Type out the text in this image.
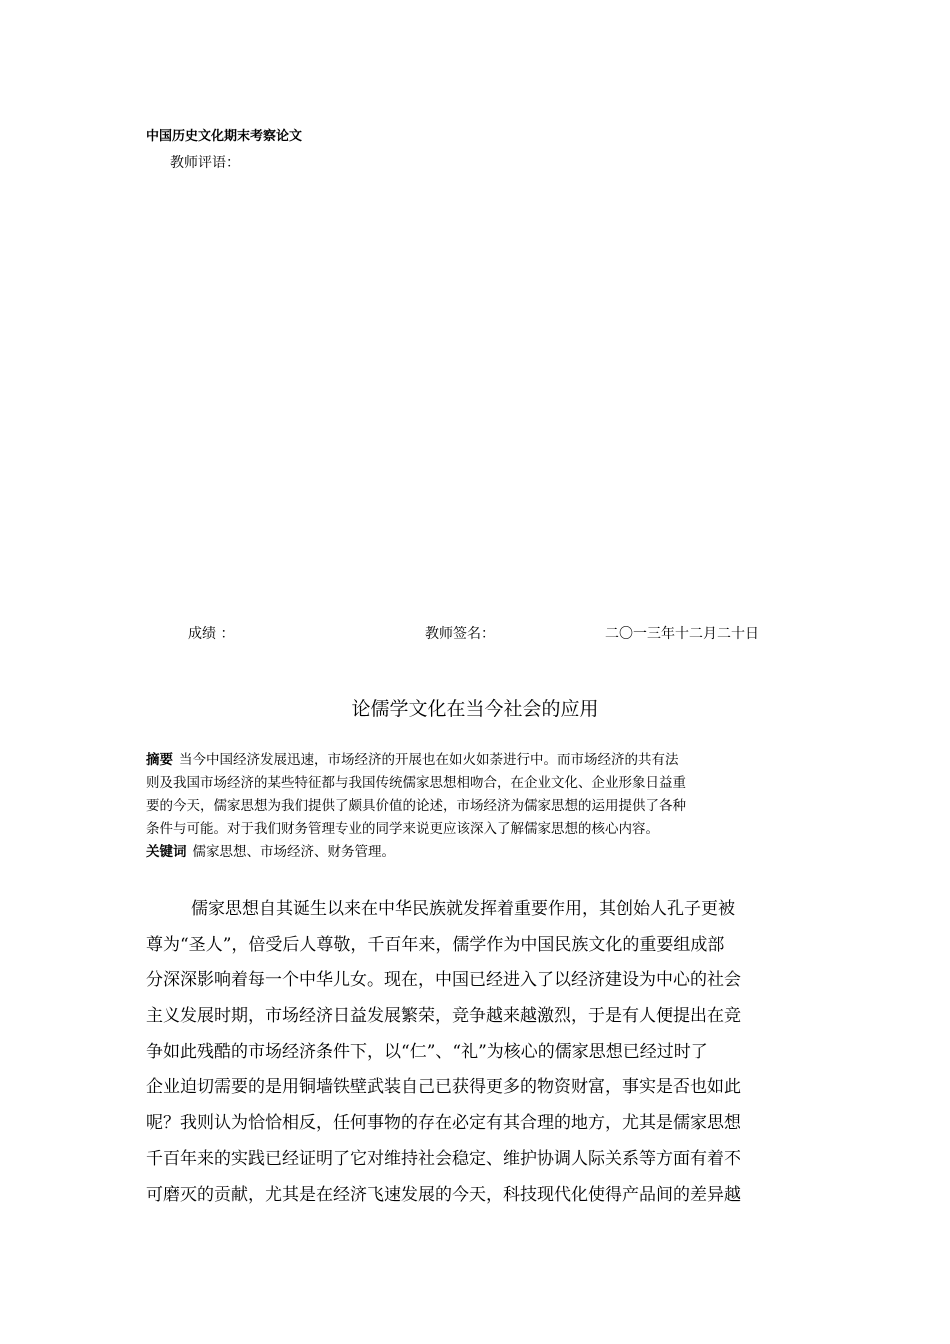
中国历史文化期末考察论文
教师评语：
成绩 ：	教师签名：	二〇一三年十二月二十日
论儒学文化在当今社会的应用
摘要 当今中国经济发展迅速，市场经济的开展也在如火如荼进行中。而市场经济的共有法
则及我国市场经济的某些特征都与我国传统儒家思想相吻合，在企业文化、企业形象日益重
要的今天，儒家思想为我们提供了颇具价值的论述，市场经济为儒家思想的运用提供了各种
条件与可能。对于我们财务管理专业的同学来说更应该深入了解儒家思想的核心内容。
关键词 儒家思想、市场经济、财务管理。
儒家思想自其诞生以来在中华民族就发挥着重要作用，其创始人孔子更被
尊为“圣人”，倍受后人尊敬，千百年来，儒学作为中国民族文化的重要组成部
分深深影响着每一个中华儿女。现在，中国已经进入了以经济建设为中心的社会
主义发展时期，市场经济日益发展繁荣，竞争越来越激烈，于是有人便提出在竞
争如此残酷的市场经济条件下，以“仁”、“礼”为核心的儒家思想已经过时了
企业迫切需要的是用铜墙铁壁武装自己已获得更多的物资财富，事实是否也如此
呢？我则认为恰恰相反，任何事物的存在必定有其合理的地方，尤其是儒家思想
千百年来的实践已经证明了它对维持社会稳定、维护协调人际关系等方面有着不
可磨灭的贡献，尤其是在经济飞速发展的今天，科技现代化使得产品间的差异越
